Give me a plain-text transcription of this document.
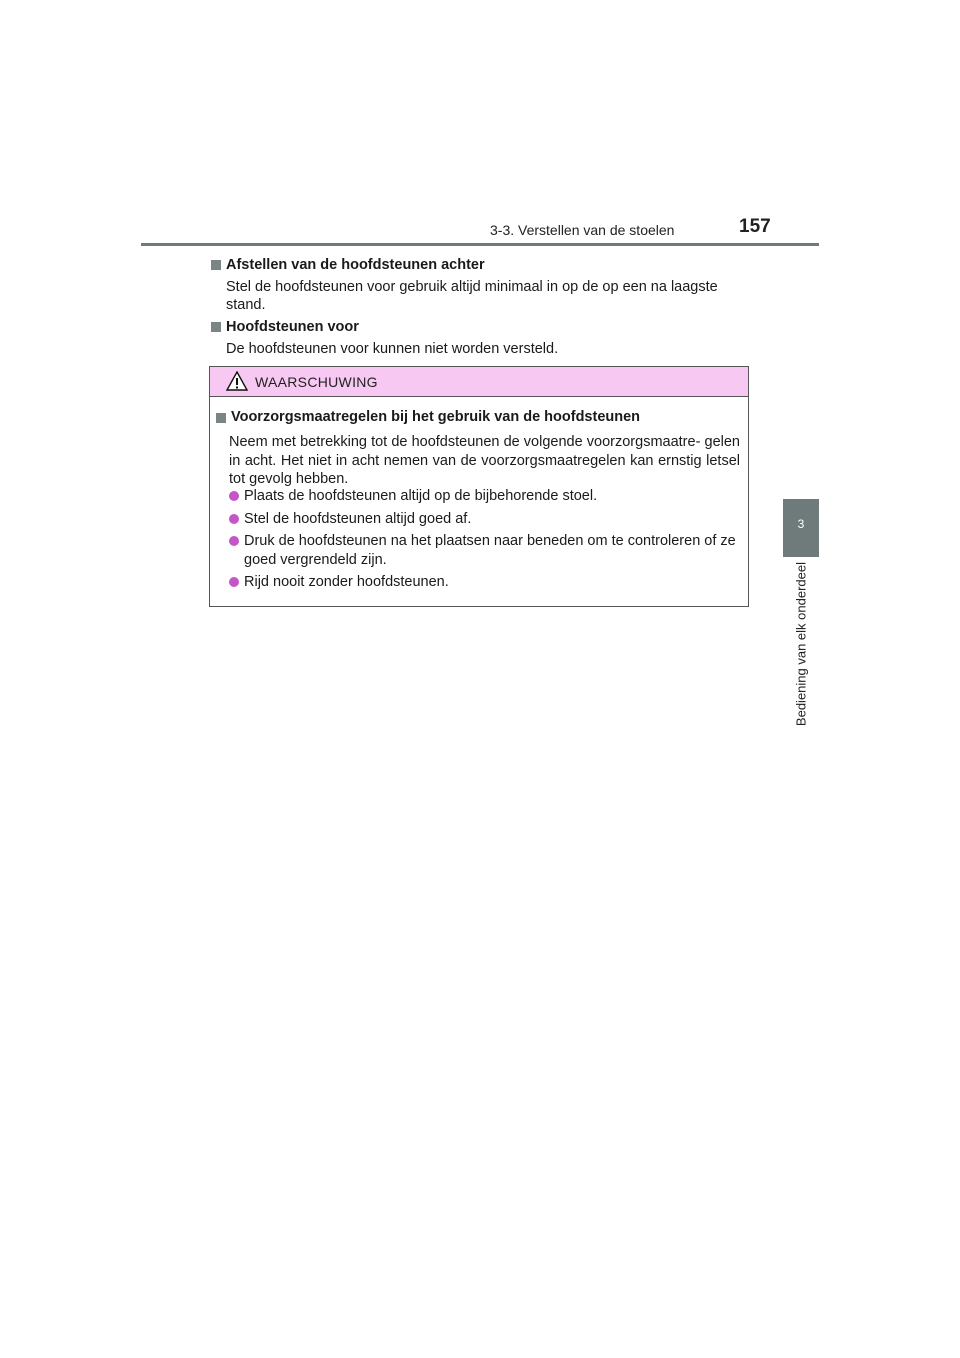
3-3. Verstellen van de stoelen	157
3
Bediening van elk onderdeel
Afstellen van de hoofdsteunen achter
Stel de hoofdsteunen voor gebruik altijd minimaal in op de op een na laagste stand.
Hoofdsteunen voor
De hoofdsteunen voor kunnen niet worden versteld.
WAARSCHUWING
Voorzorgsmaatregelen bij het gebruik van de hoofdsteunen
Neem met betrekking tot de hoofdsteunen de volgende voorzorgsmaatre- gelen in acht. Het niet in acht nemen van de voorzorgsmaatregelen kan ernstig letsel tot gevolg hebben.
Plaats de hoofdsteunen altijd op de bijbehorende stoel.
Stel de hoofdsteunen altijd goed af.
Druk de hoofdsteunen na het plaatsen naar beneden om te controleren of ze goed vergrendeld zijn.
Rijd nooit zonder hoofdsteunen.
